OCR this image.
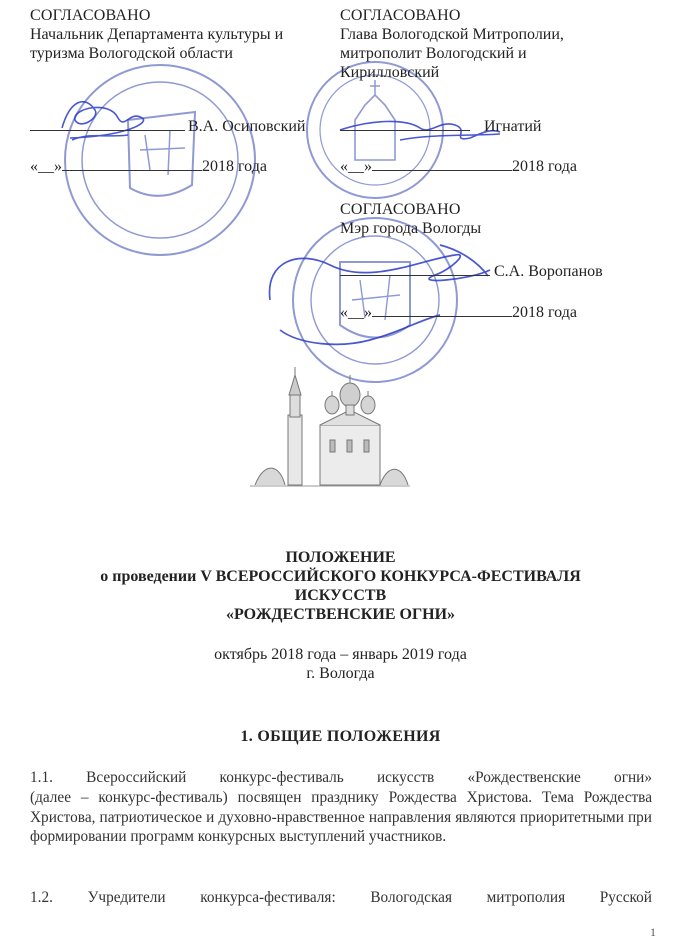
СОГЛАСОВАНО
Начальник Департамента культуры и
туризма Вологодской области
В.А. Осиповский
«__»	2018 года
СОГЛАСОВАНО
Глава Вологодской Митрополии,
митрополит Вологодский и
Кирилловский
Игнатий
«__»	2018 года
СОГЛАСОВАНО
Мэр города Вологды
С.А. Воропанов
«__»	2018 года
ПОЛОЖЕНИЕ
о проведении V ВСЕРОССИЙСКОГО КОНКУРСА-ФЕСТИВАЛЯ
ИСКУССТВ
«РОЖДЕСТВЕНСКИЕ ОГНИ»
октябрь 2018 года – январь 2019 года
г. Вологда
1. ОБЩИЕ ПОЛОЖЕНИЯ
1.1. Всероссийский конкурс-фестиваль искусств «Рождественские огни»
(далее – конкурс-фестиваль) посвящен празднику Рождества Христова. Тема Рождества Христова, патриотическое и духовно-нравственное направления являются приоритетными при формировании программ конкурсных выступлений участников.
1.2. Учредители конкурса-фестиваля: Вологодская митрополия Русской
1
